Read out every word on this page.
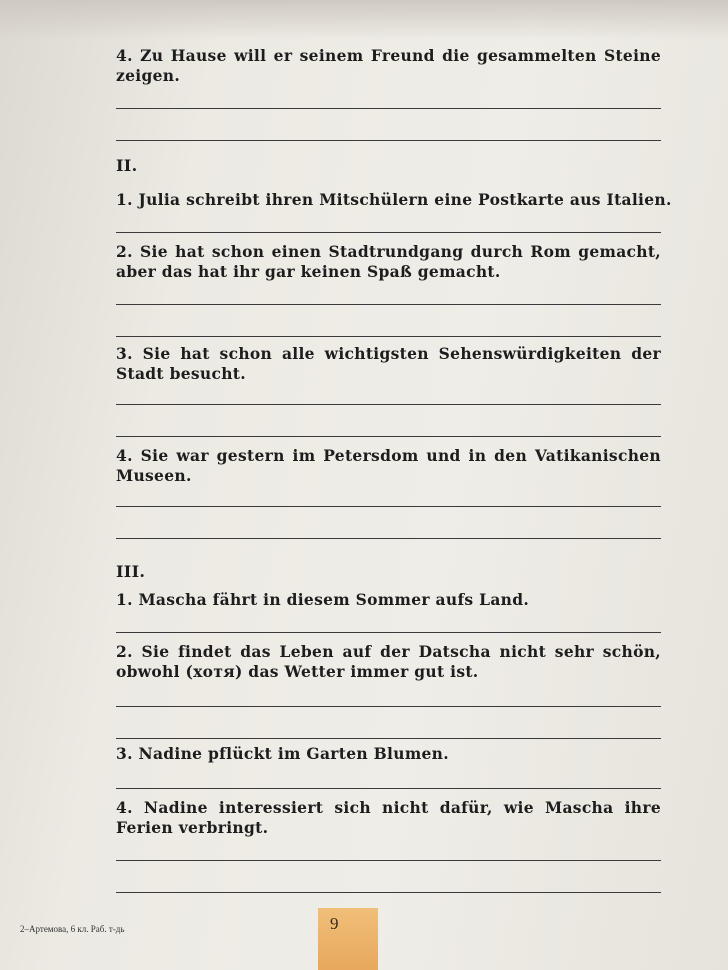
4. Zu Hause will er seinem Freund die gesammelten Steine zeigen.
II.
1. Julia schreibt ihren Mitschülern eine Postkarte aus Italien.
2. Sie hat schon einen Stadtrundgang durch Rom gemacht, aber das hat ihr gar keinen Spaß gemacht.
3. Sie hat schon alle wichtigsten Sehenswürdigkeiten der Stadt besucht.
4. Sie war gestern im Petersdom und in den Vatikanischen Museen.
III.
1. Mascha fährt in diesem Sommer aufs Land.
2. Sie findet das Leben auf der Datscha nicht sehr schön, obwohl (хотя) das Wetter immer gut ist.
3. Nadine pflückt im Garten Blumen.
4. Nadine interessiert sich nicht dafür, wie Mascha ihre Ferien verbringt.
2–Артемова, 6 кл. Раб. т-дь	9
